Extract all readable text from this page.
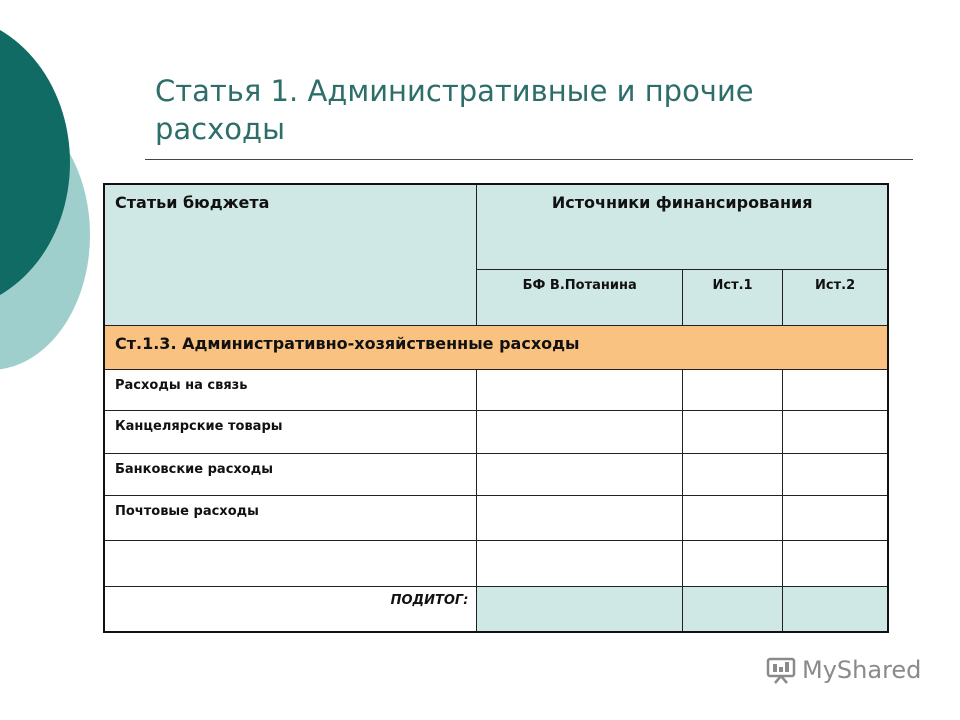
Статья 1. Административные и прочие расходы
Статьи бюджета	Источники финансирования		
	БФ В.Потанина	Ист.1	Ист.2
Ст.1.3. Административно-хозяйственные расходы			
Расходы на связь			
Канцелярские товары			
Банковские расходы			
Почтовые расходы			

ПОДИТОГ:			
MyShared
